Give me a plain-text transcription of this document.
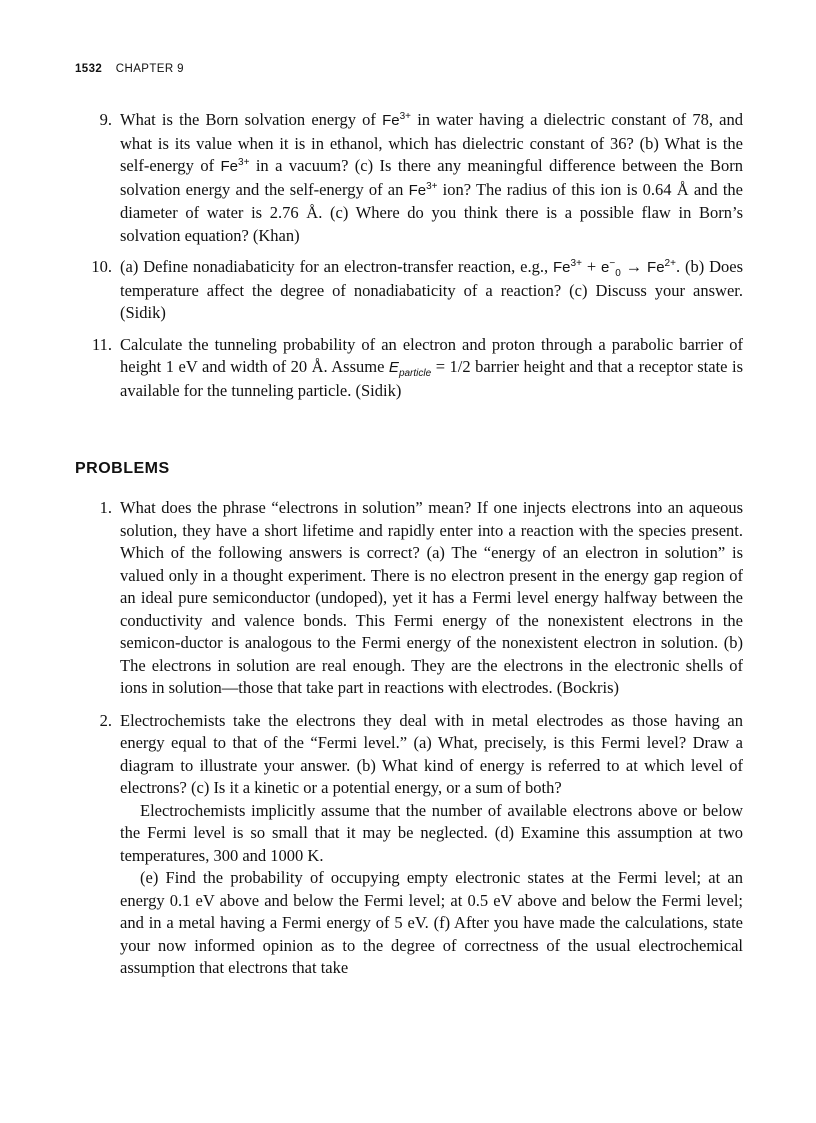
1532 CHAPTER 9
9. What is the Born solvation energy of $Fe^{3+}$ in water having a dielectric constant of 78, and what is its value when it is in ethanol, which has dielectric constant of 36? (b) What is the self-energy of $Fe^{3+}$ in a vacuum? (c) Is there any meaningful difference between the Born solvation energy and the self-energy of an $Fe^{3+}$ ion? The radius of this ion is 0.64 Å and the diameter of water is 2.76 Å. (c) Where do you think there is a possible flaw in Born’s solvation equation? (Khan)
10. (a) Define nonadiabaticity for an electron-transfer reaction, e.g., $Fe^{3+} + e^-_0 \to Fe^{2+}$. (b) Does temperature affect the degree of nonadiabaticity of a reaction? (c) Discuss your answer. (Sidik)
11. Calculate the tunneling probability of an electron and proton through a parabolic barrier of height 1 eV and width of 20 Å. Assume $E_{particle} = 1/2$ barrier height and that a receptor state is available for the tunneling particle. (Sidik)
PROBLEMS
1. What does the phrase “electrons in solution” mean? If one injects electrons into an aqueous solution, they have a short lifetime and rapidly enter into a reaction with the species present. Which of the following answers is correct? (a) The “energy of an electron in solution” is valued only in a thought experiment. There is no electron present in the energy gap region of an ideal pure semiconductor (undoped), yet it has a Fermi level energy halfway between the conductivity and valence bonds. This Fermi energy of the nonexistent electrons in the semicon-ductor is analogous to the Fermi energy of the nonexistent electron in solution. (b) The electrons in solution are real enough. They are the electrons in the electronic shells of ions in solution—those that take part in reactions with electrodes. (Bockris)

2. Electrochemists take the electrons they deal with in metal electrodes as those having an energy equal to that of the “Fermi level.” (a) What, precisely, is this Fermi level? Draw a diagram to illustrate your answer. (b) What kind of energy is referred to at which level of electrons? (c) Is it a kinetic or a potential energy, or a sum of both?

Electrochemists implicitly assume that the number of available electrons above or below the Fermi level is so small that it may be neglected. (d) Examine this assumption at two temperatures, 300 and 1000 K.

(e) Find the probability of occupying empty electronic states at the Fermi level; at an energy 0.1 eV above and below the Fermi level; at 0.5 eV above and below the Fermi level; and in a metal having a Fermi energy of 5 eV. (f) After you have made the calculations, state your now informed opinion as to the degree of correctness of the usual electrochemical assumption that electrons that take
